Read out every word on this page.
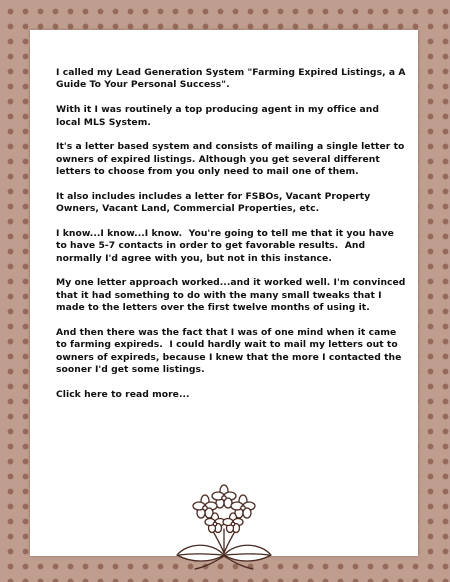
I called my Lead Generation System "Farming Expired Listings, a A Guide To Your Personal Success".

With it I was routinely a top producing agent in my office and local MLS System.

It's a letter based system and consists of mailing a single letter to owners of expired listings. Although you get several different letters to choose from you only need to mail one of them.

It also includes includes a letter for FSBOs, Vacant Property Owners, Vacant Land, Commercial Properties, etc.

I know...I know...I know.  You're going to tell me that it you have to have 5-7 contacts in order to get favorable results.  And normally I'd agree with you, but not in this instance.

My one letter approach worked...and it worked well. I'm convinced that it had something to do with the many small tweaks that I made to the letters over the first twelve months of using it.

And then there was the fact that I was of one mind when it came to farming expireds.  I could hardly wait to mail my letters out to owners of expireds, because I knew that the more I contacted the sooner I'd get some listings.

Click here to read more...
